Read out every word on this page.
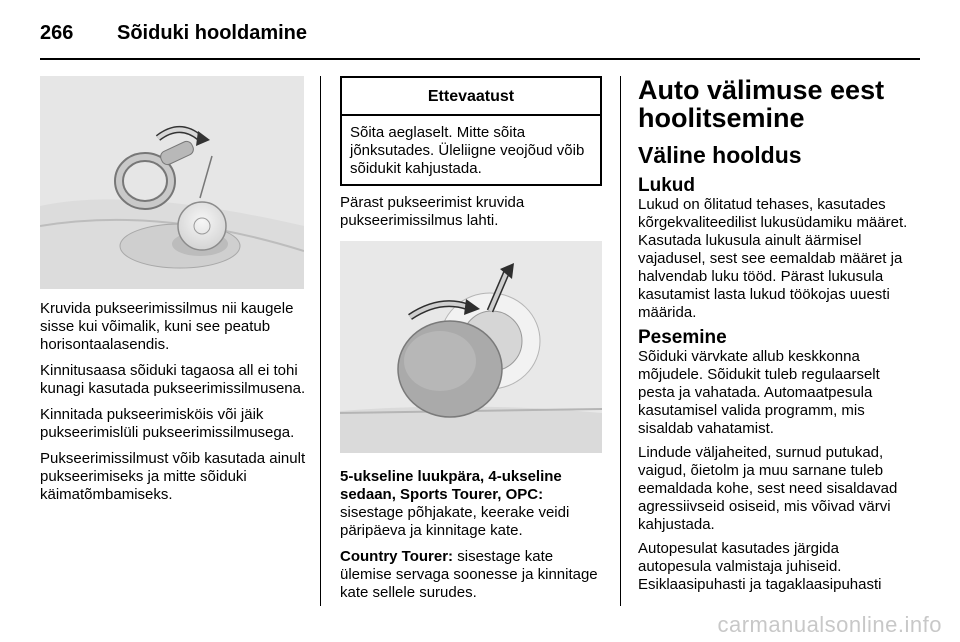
266 Sõiduki hooldamine

Kruvida pukseerimissilmus nii kaugele sisse kui võimalik, kuni see peatub horisontaalasendis.

Kinnitusaasa sõiduki tagaosa all ei tohi kunagi kasutada pukseerimissilmusena.

Kinnitada pukseerimisköis või jäik pukseerimislüli pukseerimissilmusega.

Pukseerimissilmust võib kasutada ainult pukseerimiseks ja mitte sõiduki käimatõmbamiseks.

Ettevaatust
Sõita aeglaselt. Mitte sõita jõnksutades. Üleliigne veojõud võib sõidukit kahjustada.

Pärast pukseerimist kruvida pukseerimissilmus lahti.

5-ukseline luukpära, 4-ukseline sedaan, Sports Tourer, OPC: sisestage põhjakate, keerake veidi päripäeva ja kinnitage kate.

Country Tourer: sisestage kate ülemise servaga soonesse ja kinnitage kate sellele surudes.

Auto välimuse eest hoolitsemine
Väline hooldus
Lukud

Lukud on õlitatud tehases, kasutades kõrgekvaliteedilist lukusüdamiku määret. Kasutada lukusula ainult äärmisel vajadusel, sest see eemaldab määret ja halvendab luku tööd. Pärast lukusula kasutamist lasta lukud töökojas uuesti määrida.

Pesemine

Sõiduki värvkate allub keskkonna mõjudele. Sõidukit tuleb regulaarselt pesta ja vahatada. Automaatpesula kasutamisel valida programm, mis sisaldab vahatamist.

Lindude väljaheited, surnud putukad, vaigud, õietolm ja muu sarnane tuleb eemaldada kohe, sest need sisaldavad agressiivseid osiseid, mis võivad värvi kahjustada.

Autopesulat kasutades järgida autopesula valmistaja juhiseid. Esiklaasipuhasti ja tagaklaasipuhasti

carmanualsonline.info
